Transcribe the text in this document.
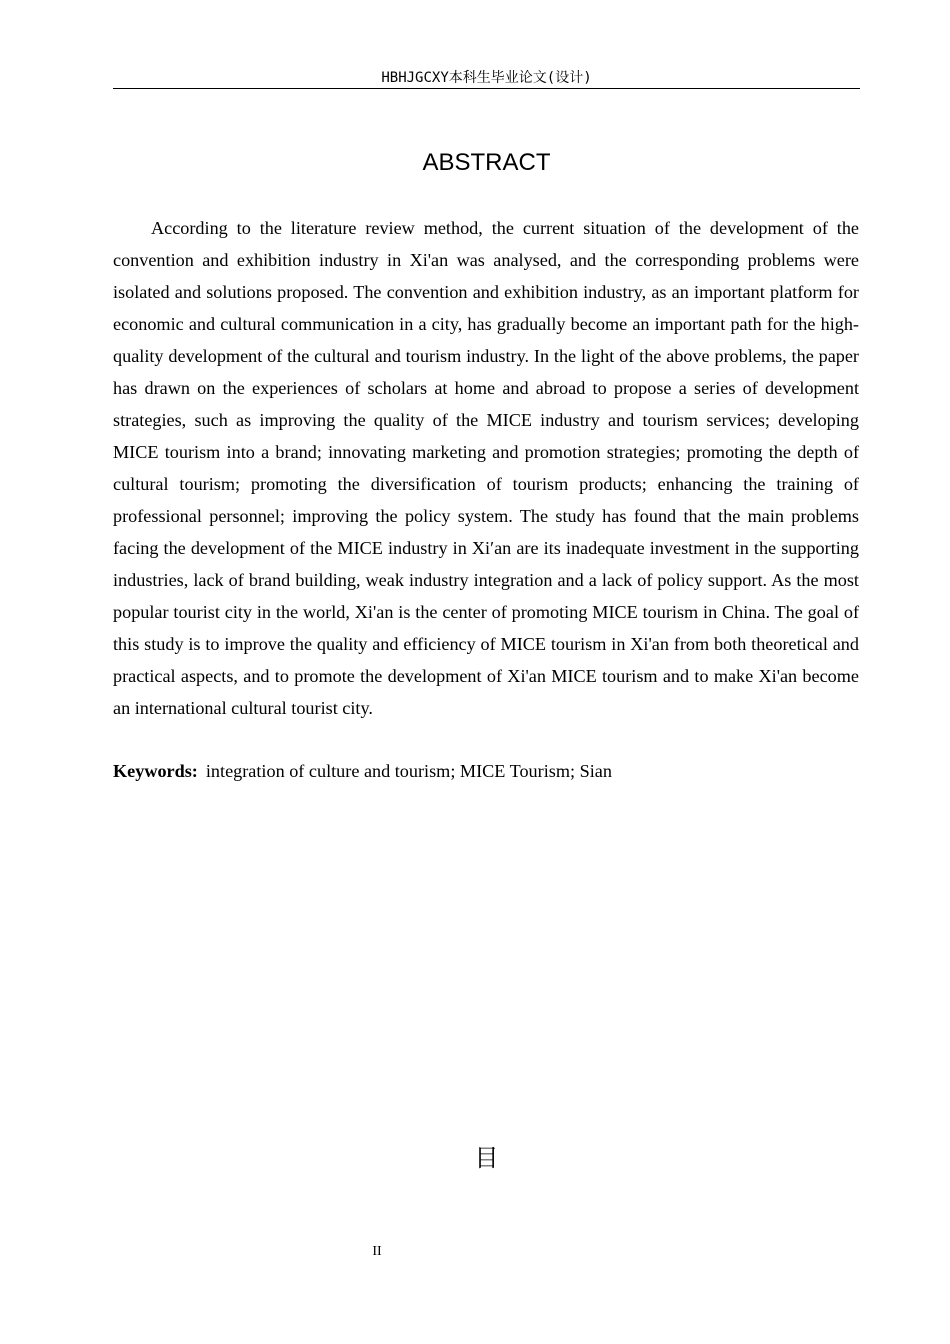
HBHJGCXY本科生毕业论文(设计)
ABSTRACT

According to the literature review method, the current situation of the development of the convention and exhibition industry in Xi'an was analysed, and the corresponding problems were isolated and solutions proposed. The convention and exhibition industry, as an important platform for economic and cultural communication in a city, has gradually become an important path for the high-quality development of the cultural and tourism industry. In the light of the above problems, the paper has drawn on the experiences of scholars at home and abroad to propose a series of development strategies, such as improving the quality of the MICE industry and tourism services; developing MICE tourism into a brand; innovating marketing and promotion strategies; promoting the depth of cultural tourism; promoting the diversification of tourism products; enhancing the training of professional personnel; improving the policy system. The study has found that the main problems facing the development of the MICE industry in Xi′an are its inadequate investment in the supporting industries, lack of brand building, weak industry integration and a lack of policy support. As the most popular tourist city in the world, Xi'an is the center of promoting MICE tourism in China. The goal of this study is to improve the quality and efficiency of MICE tourism in Xi'an from both theoretical and practical aspects, and to promote the development of Xi'an MICE tourism and to make Xi'an become an international cultural tourist city.

Keywords: integration of culture and tourism; MICE Tourism; Sian
目
II
